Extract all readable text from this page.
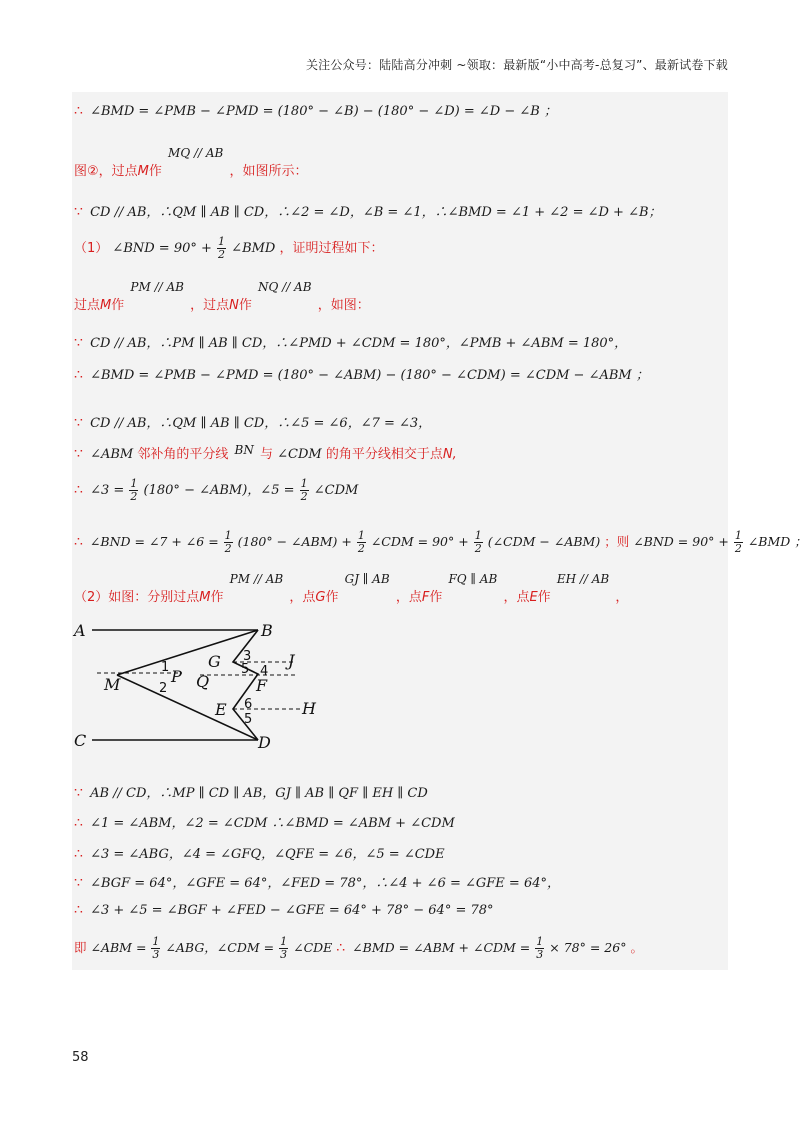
关注公众号：陆陆高分冲刺 ~领取：最新版“小中高考-总复习”、最新试卷下载
∴ ∠BMD = ∠PMB − ∠PMD = (180° − ∠B) − (180° − ∠D) = ∠D − ∠B ；
图②，过点M作 MQ // AB ，如图所示：
∵ CD // AB，∴QM ∥ AB ∥ CD，∴∠2 = ∠D，∠B = ∠1，∴∠BMD = ∠1 + ∠2 = ∠D + ∠B；
（1） ∠BND = $90^\circ + \frac{1}{2}$ ∠BMD ，证明过程如下：
过点M作 PM // AB ，过点N作 NQ // AB ，如图：
∵ CD // AB，∴PM ∥ AB ∥ CD，∴∠PMD + ∠CDM = 180°，∠PMB + ∠ABM = 180°，
∴ ∠BMD = ∠PMB − ∠PMD = (180° − ∠ABM) − (180° − ∠CDM) = ∠CDM − ∠ABM ；
∵ CD // AB，∴QM ∥ AB ∥ CD，∴∠5 = ∠6，∠7 = ∠3，
∵ ∠ABM 邻补角的平分线 BN 与 ∠CDM 的角平分线相交于点N,
∴ ∠3 = $\frac{1}{2} (180^\circ$ − ∠ABM)，∠5 = $\frac{1}{2}$ ∠CDM
∴ ∠BND = ∠7 + ∠6 = $\frac{1}{2} (180^\circ$ − ∠ABM) + $\frac{1}{2}$ ∠CDM = $90^\circ + \frac{1}{2}$ (∠CDM − ∠ABM) ；则 ∠BND = $90^\circ + \frac{1}{2}$ ∠BMD ；
（2）如图：分别过点M作 PM // AB ，点G作 GJ ∥ AB ，点F作 FQ ∥ AB ，点E作 EH // AB ，
A	B
C	D
M	P Q
G	J
F
E	H
1
2
3
4
5
6
5
∵ AB // CD，∴MP ∥ CD ∥ AB，GJ ∥ AB ∥ QF ∥ EH ∥ CD
∴ ∠1 = ∠ABM，∠2 = ∠CDM ∴∠BMD = ∠ABM + ∠CDM
∴ ∠3 = ∠ABG，∠4 = ∠GFQ，∠QFE = ∠6，∠5 = ∠CDE
∵ ∠BGF = 64°，∠GFE = 64°，∠FED = 78°，∴∠4 + ∠6 = ∠GFE = 64°，
∴ ∠3 + ∠5 = ∠BGF + ∠FED − ∠GFE = 64° + 78° − 64° = 78°
即 ∠ABM = $\frac{1}{3}$ ∠ABG，∠CDM = $\frac{1}{3}$ ∠CDE ∴ ∠BMD = ∠ABM + ∠CDM = $\frac{1}{3} \times 78^\circ = 26^\circ$ 。
58
